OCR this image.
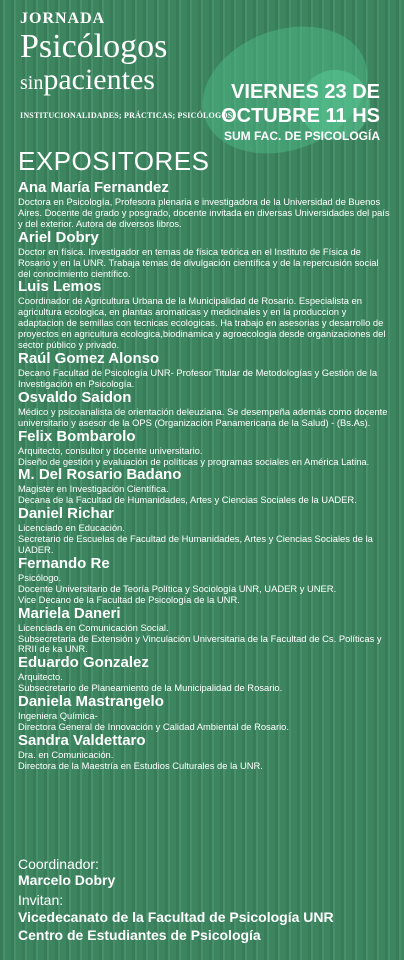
JORNADA
Psicólogos
sinpacientes
INSTITUCIONALIDADES; PRÁCTICAS; PSICÓLOGOS
VIERNES 23 DE
OCTUBRE 11 HS
SUM FAC. DE PSICOLOGÍA
EXPOSITORES
Ana María Fernandez
Doctora en Psicología, Profesora plenaria e investigadora de la Universidad de Buenos Aires. Docente de grado y posgrado, docente invitada en diversas Universidades del país y del exterior. Autora de diversos libros.
Ariel Dobry
Doctor en física. Investigador en temas de física teórica en el Instituto de Física de Rosario y en la UNR. Trabaja temas de divulgación científica y de la repercusión social del conocimiento científico.
Luis Lemos
Coordinador de Agricultura Urbana de la Municipalidad de Rosario. Especialista en agricultura ecologica, en plantas aromaticas y medicinales y en la produccion y adaptacion de semillas con tecnicas ecologicas. Ha trabajo en asesorias y desarrollo de proyectos en agricultura ecologica,biodinamica y agroecologia desde organizaciones del sector público y privado.
Raúl Gomez Alonso
Decano Facultad de Psicología UNR- Profesor Titular de Metodologías y Gestión de la Investigación en Psicología.
Osvaldo Saidon
Médico y psicoanalista de orientación deleuziana. Se desempeña además como docente universitario y asesor de la OPS (Organización Panamericana de la Salud) - (Bs.As).
Felix Bombarolo
Arquitecto, consultor y docente universitario.
Diseño de gestión y evaluación de políticas y programas sociales en América Latina.
M. Del Rosario Badano
Magister en Investigación Científica.
Decana de la Facultad de Humanidades, Artes y Ciencias Sociales de la UADER.
Daniel Richar
Licenciado en Educación.
Secretario de Escuelas de Facultad de Humanidades, Artes y Ciencias Sociales de la UADER.
Fernando Re
Psicólogo.
Docente Universitario de Teoría Política y Sociología UNR, UADER y UNER.
Vice Decano de la Facultad de Psicología de la UNR.
Mariela Daneri
Licenciada en Comunicación Social.
Subsecretaria de Extensión y Vinculación Universitaria de la Facultad de Cs. Políticas y RRII de ka UNR.
Eduardo Gonzalez
Arquitecto.
Subsecretario de Planeamiento de la Municipalidad de Rosario.
Daniela Mastrangelo
Ingeniera Química-
Directora General de Innovación y Calidad Ambiental de Rosario.
Sandra Valdettaro
Dra. en Comunicación.
Directora de la Maestría en Estudios Culturales de la UNR.
Coordinador:
Marcelo Dobry
Invitan:
Vicedecanato de la Facultad de Psicología UNR
Centro de Estudiantes de Psicología
